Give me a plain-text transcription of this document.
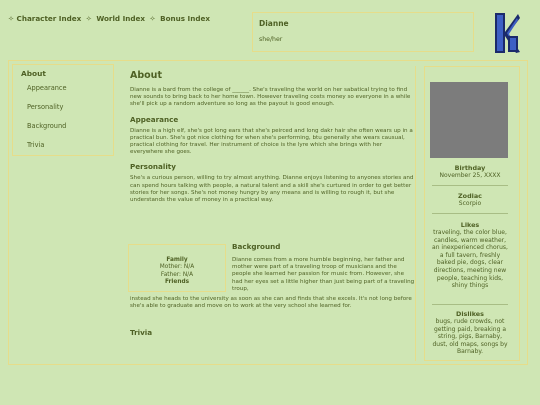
✧ Character Index ✧ World Index ✧ Bonus Index
Dianne
she/her
About
Appearance
Personality
Background
Trivia
About

Dianne is a bard from the college of ______. She's traveling the world on her sabatical trying to find new sounds to bring back to her home town. However traveling costs money so everyone in a while she'll pick up a random adventure so long as the payout is good enough.

Appearance

Dianne is a high elf, she's got long ears that she's peirced and long dakr hair she often wears up in a practical bun. She's got nice clothing for when she's performing, btu generally she wears causual, practical clothing for travel. Her instrument of choice is the lyre which she brings with her everywhere she goes.

Personality

She's a curious person, willing to try almost anything. Dianne enjoys listening to anyones stories and can spend hours talking with people, a natural talent and a skill she's curtured in order to get better stories for her songs. She's not money hungry by any means and is willing to rough it, but she understands the value of money in a practical way.

Family
Mother: N/A
Father: N/A
Friends
Background

Dianne comes from a more humble beginning, her father and mother were part of a traveling troop of musicians and the people she learned her passion for music from. However, she had her eyes set a little higher than just being part of a traveling troup,

instead she heads to the university as soon as she can and finds that she excels. It's not long before she's able to graduate and move on to work at the very school she learned for.

Trivia
Birthday
November 25, XXXX
Zodiac
Scorpio
Likes
traveling, the color blue, candles, warm weather, an inexperienced chorus, a full tavern, freshly baked pie, dogs, clear directions, meeting new people, teaching kids, shiny things
Dislikes
bugs, rude crowds, not getting paid, breaking a string, pigs, Barnaby, dust, old maps, songs by Barnaby.
